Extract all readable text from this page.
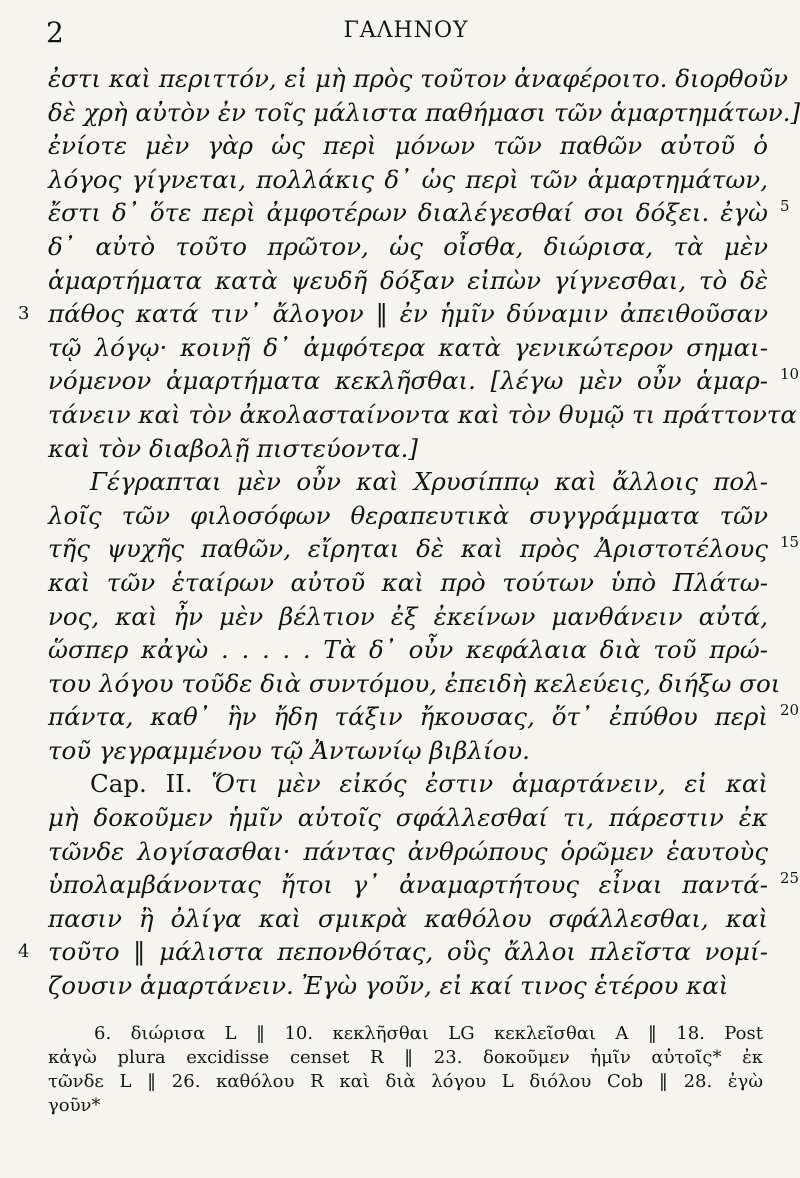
2	ΓΑΛΗΝΟΥ
ἐστι καὶ περιττόν, εἰ μὴ πρὸς τοῦτον ἀναφέροιτο. διορθοῦν
δὲ χρὴ αὐτὸν ἐν τοῖς μάλιστα παθήμασι τῶν ἁμαρτημάτων.]
ἐνίοτε μὲν γὰρ ὡς περὶ μόνων τῶν παθῶν αὐτοῦ ὁ
λόγος γίγνεται, πολλάκις δ᾽ ὡς περὶ τῶν ἁμαρτημάτων,
ἔστι δ᾽ ὅτε περὶ ἀμφοτέρων διαλέγεσθαί σοι δόξει. ἐγὼ 5
δ᾽ αὐτὸ τοῦτο πρῶτον, ὡς οἶσθα, διώρισα, τὰ μὲν
ἁμαρτήματα κατὰ ψευδῆ δόξαν εἰπὼν γίγνεσθαι, τὸ δὲ
πάθος κατά τιν᾽ ἄλογον ‖ ἐν ἡμῖν δύναμιν ἀπειθοῦσαν
3
τῷ λόγῳ· κοινῇ δ᾽ ἀμφότερα κατὰ γενικώτερον σημαι-
νόμενον ἁμαρτήματα κεκλῆσθαι. [λέγω μὲν οὖν ἁμαρ- 10
τάνειν καὶ τὸν ἀκολασταίνοντα καὶ τὸν θυμῷ τι πράττοντα
καὶ τὸν διαβολῇ πιστεύοντα.]
Γέγραπται μὲν οὖν καὶ Χρυσίππῳ καὶ ἄλλοις πολ-
λοῖς τῶν φιλοσόφων θεραπευτικὰ συγγράμματα τῶν
τῆς ψυχῆς παθῶν, εἴρηται δὲ καὶ πρὸς Ἀριστοτέλους 15
καὶ τῶν ἑταίρων αὐτοῦ καὶ πρὸ τούτων ὑπὸ Πλάτω-
νος, καὶ ἦν μὲν βέλτιον ἐξ ἐκείνων μανθάνειν αὐτά,
ὥσπερ κἀγὼ . . . . . Τὰ δ᾽ οὖν κεφάλαια διὰ τοῦ πρώ-
του λόγου τοῦδε διὰ συντόμου, ἐπειδὴ κελεύεις, διήξω σοι
πάντα, καθ᾽ ἣν ἤδη τάξιν ἤκουσας, ὅτ᾽ ἐπύθου περὶ 20
τοῦ γεγραμμένου τῷ Ἀντωνίῳ βιβλίου.
Cap. II. Ὅτι μὲν εἰκός ἐστιν ἁμαρτάνειν, εἰ καὶ
μὴ δοκοῦμεν ἡμῖν αὐτοῖς σφάλλεσθαί τι, πάρεστιν ἐκ
τῶνδε λογίσασθαι· πάντας ἀνθρώπους ὁρῶμεν ἑαυτοὺς
ὑπολαμβάνοντας ἤτοι γ᾽ ἀναμαρτήτους εἶναι παντά- 25
πασιν ἢ ὀλίγα καὶ σμικρὰ καθόλου σφάλλεσθαι, καὶ
τοῦτο ‖ μάλιστα πεπονθότας, οὓς ἄλλοι πλεῖστα νομί-
4
ζουσιν ἁμαρτάνειν. Ἐγὼ γοῦν, εἰ καί τινος ἑτέρου καὶ
6. διώρισα L ‖ 10. κεκλῆσθαι LG κεκλεῖσθαι A ‖ 18. Post
κἀγὼ plura excidisse censet R ‖ 23. δοκοῦμεν ἡμῖν αὐτοῖς* ἐκ
τῶνδε L ‖ 26. καθόλου R καὶ διὰ λόγου L διόλου Cob ‖ 28. ἐγὼ
γοῦν*
